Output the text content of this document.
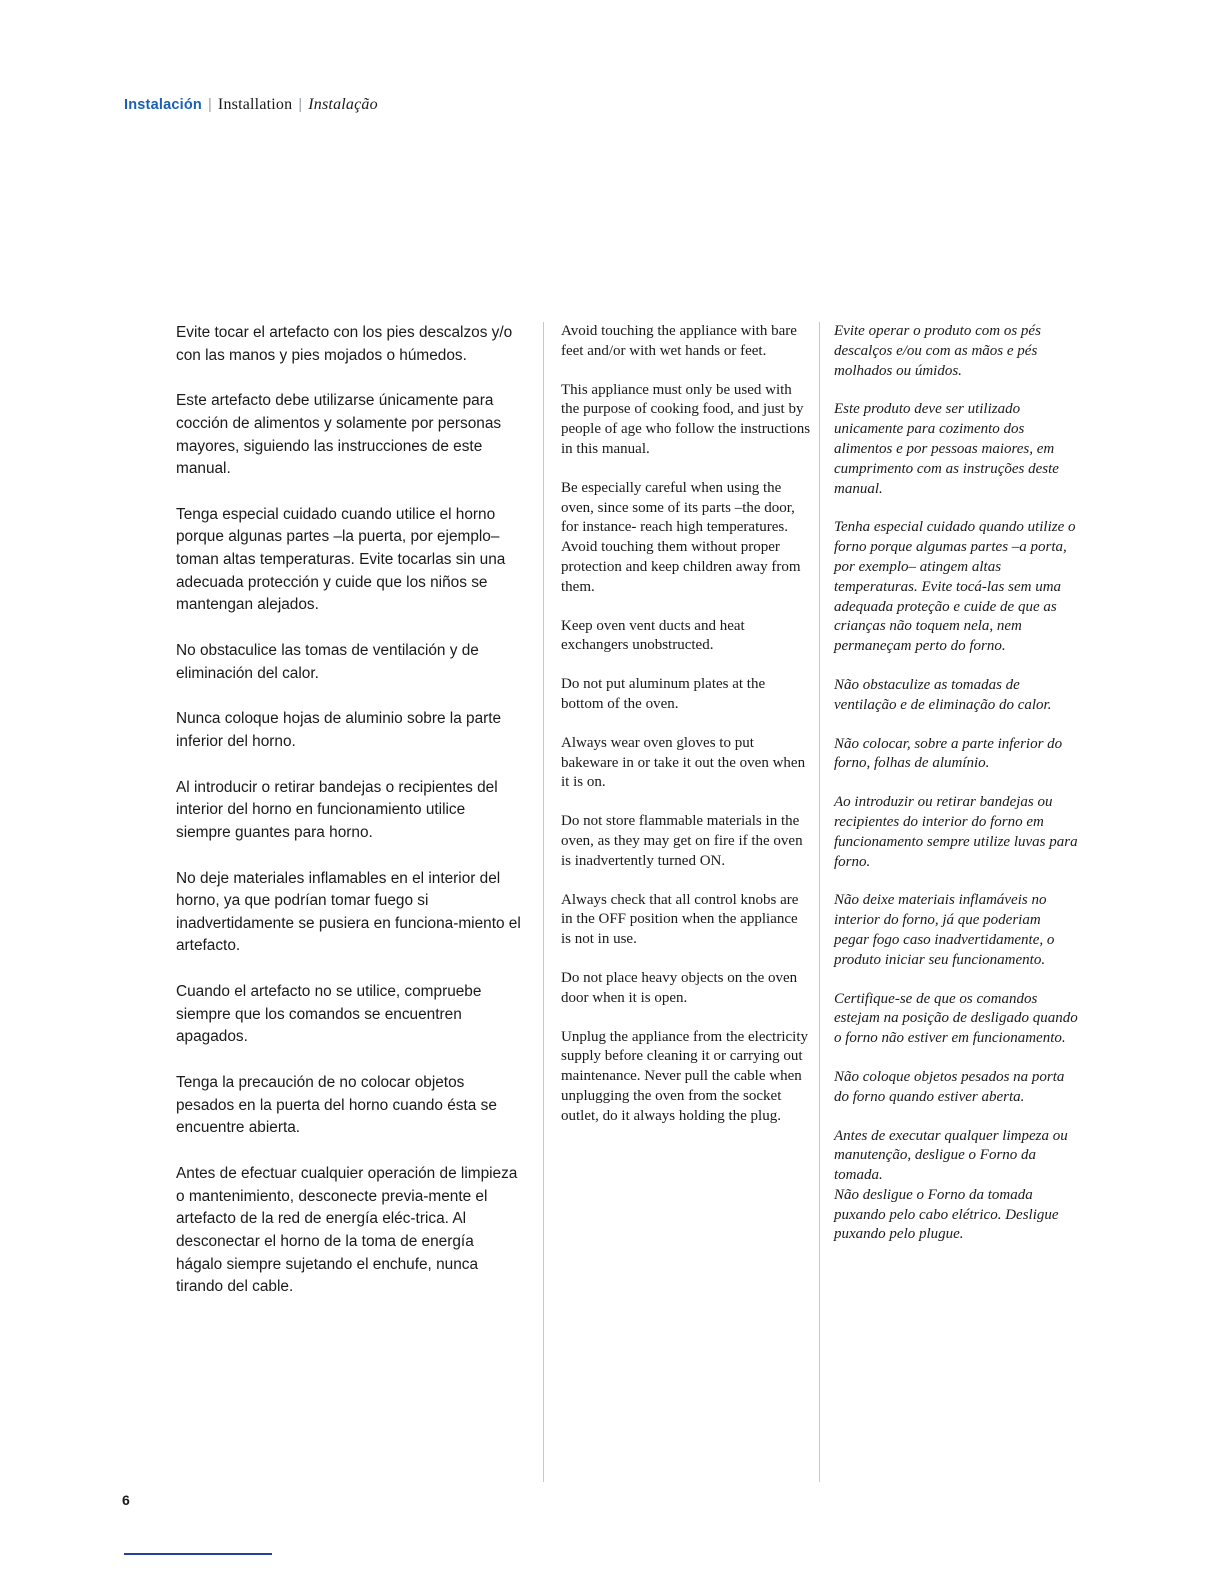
Instalación | Installation | Instalação

Evite tocar el artefacto con los pies descalzos y/o con las manos y pies mojados o húmedos.

Este artefacto debe utilizarse únicamente para cocción de alimentos y solamente por personas mayores, siguiendo las instrucciones de este manual.

Tenga especial cuidado cuando utilice el horno porque algunas partes –la puerta, por ejemplo– toman altas temperaturas. Evite tocarlas sin una adecuada protección y cuide que los niños se mantengan alejados.

No obstaculice las tomas de ventilación y de eliminación del calor.

Nunca coloque hojas de aluminio sobre la parte inferior del horno.

Al introducir o retirar bandejas o recipientes del interior del horno en funcionamiento utilice siempre guantes para horno.

No deje materiales inflamables en el interior del horno, ya que podrían tomar fuego si inadvertidamente se pusiera en funciona-miento el artefacto.

Cuando el artefacto no se utilice, compruebe siempre que los comandos se encuentren apagados.

Tenga la precaución de no colocar objetos pesados en la puerta del horno cuando ésta se encuentre abierta.

Antes de efectuar cualquier operación de limpieza o mantenimiento, desconecte previa-mente el artefacto de la red de energía eléc-trica. Al desconectar el horno de la toma de energía hágalo siempre sujetando el enchufe, nunca tirando del cable.

Avoid touching the appliance with bare feet and/or with wet hands or feet.

This appliance must only be used with the purpose of cooking food, and just by people of age who follow the instructions in this manual.

Be especially careful when using the oven, since some of its parts –the door, for instance- reach high temperatures. Avoid touching them without proper protection and keep children away from them.

Keep oven vent ducts and heat exchangers unobstructed.

Do not put aluminum plates at the bottom of the oven.

Always wear oven gloves to put bakeware in or take it out the oven when it is on.

Do not store flammable materials in the oven, as they may get on fire if the oven is inadvertently turned ON.

Always check that all control knobs are in the OFF position when the appliance is not in use.

Do not place heavy objects on the oven door when it is open.

Unplug the appliance from the electricity supply before cleaning it or carrying out maintenance. Never pull the cable when unplugging the oven from the socket outlet, do it always holding the plug.

Evite operar o produto com os pés descalços e/ou com as mãos e pés molhados ou úmidos.

Este produto deve ser utilizado unicamente para cozimento dos alimentos e por pessoas maiores, em cumprimento com as instruções deste manual.

Tenha especial cuidado quando utilize o forno porque algumas partes –a porta, por exemplo– atingem altas temperaturas. Evite tocá-las sem uma adequada proteção e cuide de que as crianças não toquem nela, nem permaneçam perto do forno.

Não obstaculize as tomadas de ventilação e de eliminação do calor.

Não colocar, sobre a parte inferior do forno, folhas de alumínio.

Ao introduzir ou retirar bandejas ou recipientes do interior do forno em funcionamento sempre utilize luvas para forno.

Não deixe materiais inflamáveis no interior do forno, já que poderiam pegar fogo caso inadvertidamente, o produto iniciar seu funcionamento.

Certifique-se de que os comandos estejam na posição de desligado quando o forno não estiver em funcionamento.

Não coloque objetos pesados na porta do forno quando estiver aberta.

Antes de executar qualquer limpeza ou manutenção, desligue o Forno da tomada.

Não desligue o Forno da tomada puxando pelo cabo elétrico. Desligue puxando pelo plugue.

6
